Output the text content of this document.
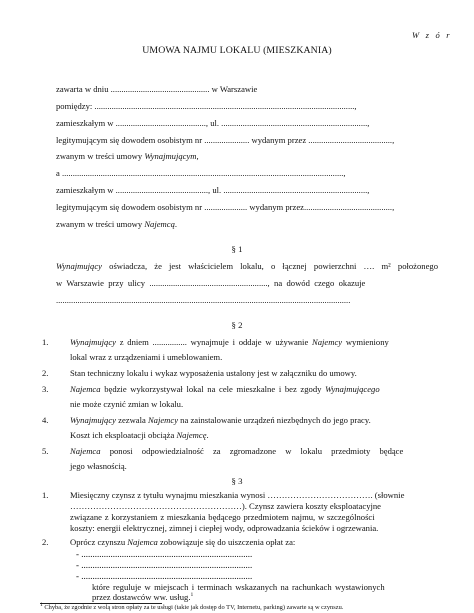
W z ó r
UMOWA NAJMU LOKALU (MIESZKANIA)
zawarta w dniu .............................................. w Warszawie
pomiędzy: .........................................................................................................................,
zamieszkałym w .........................................., ul. ....................................................................,
legitymującym się dowodem osobistym nr ..................... wydanym przez .......................................,
zwanym w treści umowy Wynajmującym,
a ...................................................................................................................................,
zamieszkałym w ..........................................., ul. ...................................................................,
legitymującym się dowodem osobistym nr .................... wydanym przez.........................................,
zwanym w treści umowy Najemcą.
§ 1
Wynajmujący oświadcza, że jest właścicielem lokalu, o łącznej powierzchni …. m² położonego
w Warszawie przy ulicy ......................................................., na dowód czego okazuje
.........................................................................................................................................
§ 2
1.	Wynajmujący z dniem ................ wynajmuje i oddaje w używanie Najemcy wymieniony
lokal wraz z urządzeniami i umeblowaniem.
2.	Stan techniczny lokalu i wykaz wyposażenia ustalony jest w załączniku do umowy.
3.	Najemca będzie wykorzystywał lokal na cele mieszkalne i bez zgody Wynajmującego
nie może czynić zmian w lokalu.
4.	Wynajmujący zezwala Najemcy na zainstalowanie urządzeń niezbędnych do jego pracy.
Koszt ich eksploatacji obciąża Najemcę.
5.	Najemca ponosi odpowiedzialność za zgromadzone w lokalu przedmioty będące
jego własnością.
§ 3
1.	Miesięczny czynsz z tytułu wynajmu mieszkania wynosi ………………………………. (słownie
……………………………………………………). Czynsz zawiera koszty eksploatacyjne
związane z korzystaniem z mieszkania będącego przedmiotem najmu, w szczególności
koszty: energii elektrycznej, zimnej i ciepłej wody, odprowadzania ścieków i ogrzewania.
2.	Oprócz czynszu Najemca zobowiązuje się do uiszczenia opłat za:
- ............................................................................
- ............................................................................
- ............................................................................
które reguluje w miejscach i terminach wskazanych na rachunkach wystawionych
przez dostawców ww. usług.$^1$
$^1$ Chyba, że zgodnie z wolą stron opłaty za te usługi (takie jak dostęp do TV, Internetu, parking) zawarte są w czynszu.
